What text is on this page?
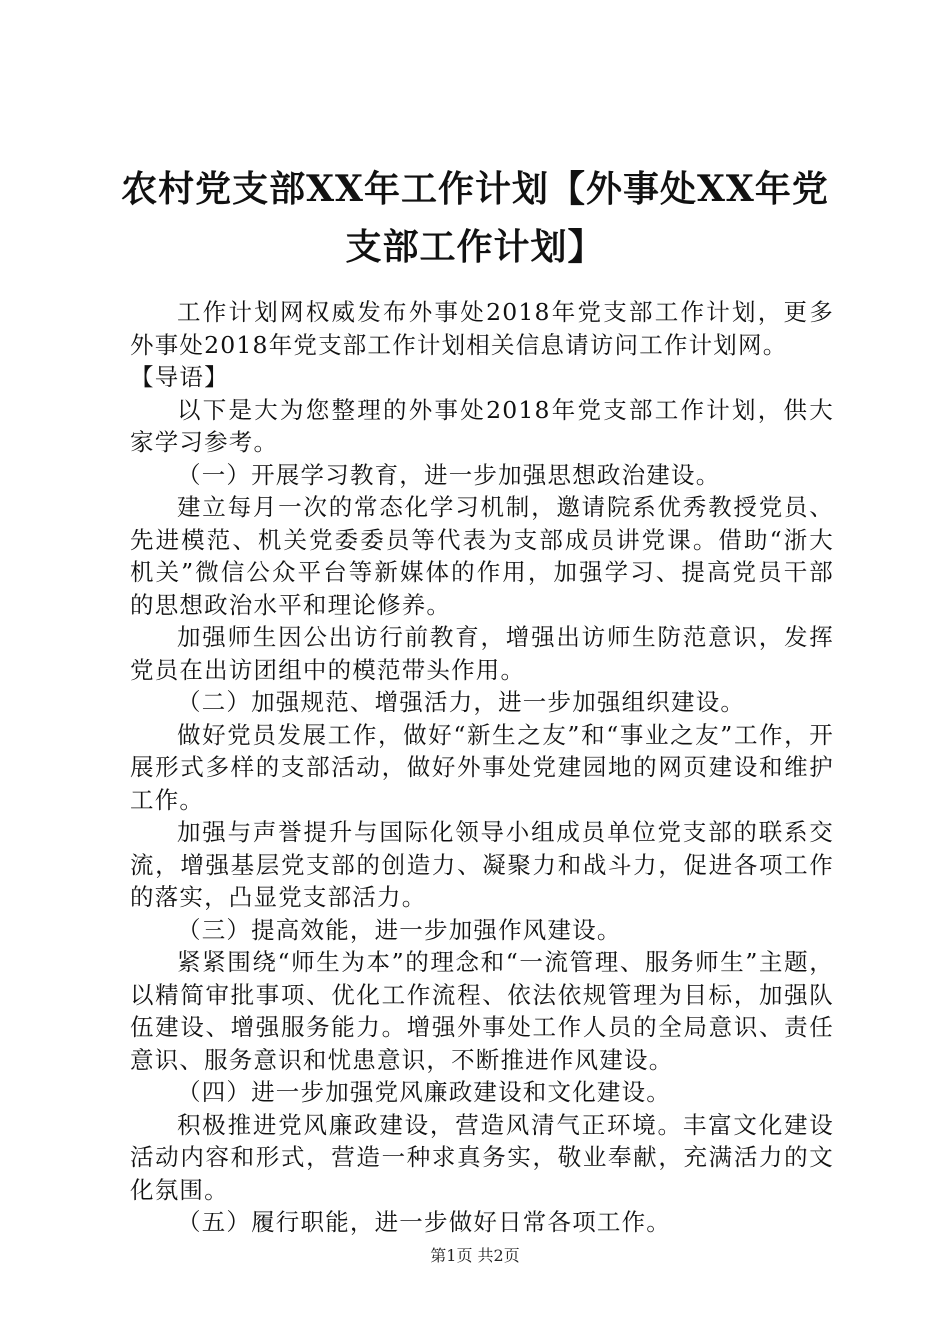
农村党支部XX年工作计划【外事处XX年党支部工作计划】

工作计划网权威发布外事处2018年党支部工作计划，更多外事处2018年党支部工作计划相关信息请访问工作计划网。

【导语】

以下是大为您整理的外事处2018年党支部工作计划，供大家学习参考。

（一）开展学习教育，进一步加强思想政治建设。

建立每月一次的常态化学习机制，邀请院系优秀教授党员、先进模范、机关党委委员等代表为支部成员讲党课。借助“浙大机关”微信公众平台等新媒体的作用，加强学习、提高党员干部的思想政治水平和理论修养。

加强师生因公出访行前教育，增强出访师生防范意识，发挥党员在出访团组中的模范带头作用。

（二）加强规范、增强活力，进一步加强组织建设。

做好党员发展工作，做好“新生之友”和“事业之友”工作，开展形式多样的支部活动，做好外事处党建园地的网页建设和维护工作。

加强与声誉提升与国际化领导小组成员单位党支部的联系交流，增强基层党支部的创造力、凝聚力和战斗力，促进各项工作的落实，凸显党支部活力。

（三）提高效能，进一步加强作风建设。

紧紧围绕“师生为本”的理念和“一流管理、服务师生”主题，以精简审批事项、优化工作流程、依法依规管理为目标，加强队伍建设、增强服务能力。增强外事处工作人员的全局意识、责任意识、服务意识和忧患意识，不断推进作风建设。

（四）进一步加强党风廉政建设和文化建设。

积极推进党风廉政建设，营造风清气正环境。丰富文化建设活动内容和形式，营造一种求真务实，敬业奉献，充满活力的文化氛围。

（五）履行职能，进一步做好日常各项工作。

第1页 共2页
